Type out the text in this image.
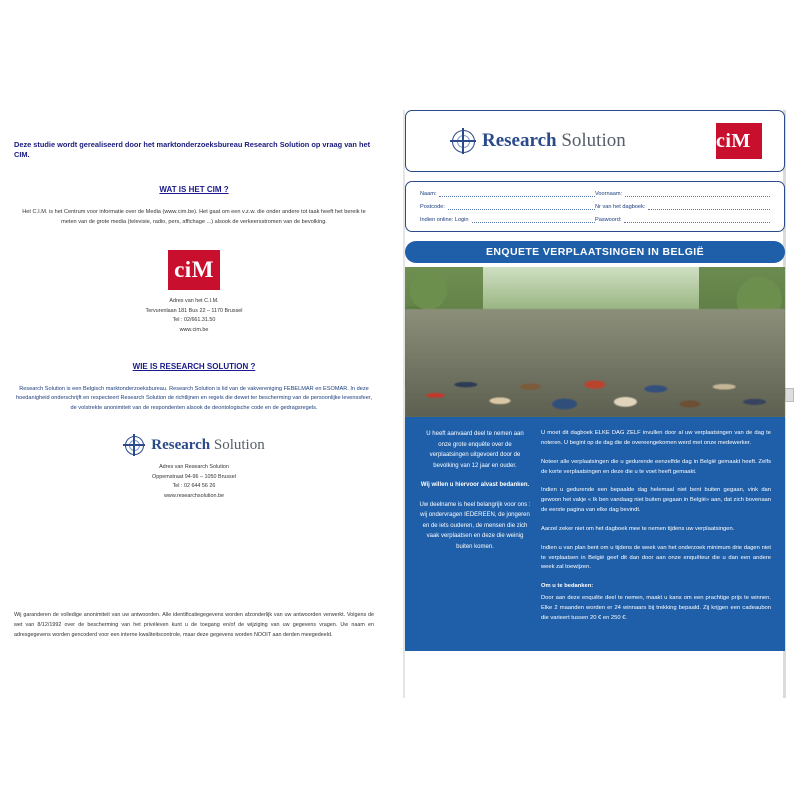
Deze studie wordt gerealiseerd door het marktonderzoeksbureau Research Solution op vraag van het CIM.
WAT IS HET CIM ?
Het C.I.M. is het Centrum voor informatie over de Media (www.cim.be). Het gaat om een v.z.w. die onder andere tot taak heeft het bereik te meten van de grote media (televisie, radio, pers, affichage ...) alsook de verkeersstromen van de bevolking.
ciM
Adres van het C.I.M.
Tervurenlaan 181 Bus 22 – 1170 Brussel
Tel : 02/661.31.50
www.cim.be
WIE IS RESEARCH SOLUTION ?
Research Solution is een Belgisch marktonderzoeksbureau. Research Solution is lid van de vakvereniging FEBELMAR en ESOMAR. In deze hoedanigheid onderschrijft en respecteert Research Solution de richtlijnen en regels die dewet ter bescherming van de persoonlijke levenssfeer, de volstrekte anonimiteit van de respondenten alsook de deontologische code en de gedragsregels.
Research Solution
Adres van Research Solution
Oppemstraat 94-96 – 1050 Brussel
Tel : 02 644 56 26
www.researchsolution.be
Wij garanderen de volledige anonimiteit van uw antwoorden. Alle identificatiegegevens worden afzonderlijk van uw antwoorden verwerkt. Volgens de wet van 8/12/1992 over de bescherming van het privéleven kunt u de toegang en/of de wijziging van uw gegevens vragen. Uw naam en adresgegevens worden gencoderd voor een interne kwaliteitscontrole, maar deze gegevens worden NOOIT aan derden meegedeeld.
Research Solution	ciM
Naam:	Voornaam:
Postcode:	Nr van het dagboek:
Indien online: Login	Paswoord:
ENQUETE VERPLAATSINGEN IN BELGIË

U heeft aanvaard deel te nemen aan onze grote enquête over de verplaatsingen uitgevoerd door de bevolking van 12 jaar en ouder.

Wij willen u hiervoor alvast bedanken.

Uw deelname is heel belangrijk voor ons : wij ondervragen IEDEREEN, de jongeren en de iets ouderen, de mensen die zich vaak verplaatsen en deze die weinig buiten komen.

U moet dit dagboek ELKE DAG ZELF invullen door al uw verplaatsingen van de dag te noteren. U begint op de dag die de overeengekomen werd met onze medewerker.

Noteer alle verplaatsingen die u gedurende eenzelfde dag in België gemaakt heeft. Zelfs de korte verplaatsingen en deze die u te voet heeft gemaakt.

Indien u gedurende een bepaalde dag helemaal niet bent buiten gegaan, vink dan gewoon het vakje « Ik ben vandaag niet buiten gegaan in België» aan, dat zich bovenaan de eerste pagina van elke dag bevindt.

Aarzel zeker niet om het dagboek mee te nemen tijdens uw verplaatsingen.

Indien u van plan bent om u tijdens de week van het onderzoek minimum drie dagen niet te verplaatsen in België geef dit dan door aan onze enquêteur die u dan een andere week zal toewijzen.

Om u te bedanken:

Door aan deze enquête deel te nemen, maakt u kans om een prachtige prijs te winnen. Elke 2 maanden worden er 24 winnaars bij trekking bepaald. Zij krijgen een cadeaubon die varieert tussen 20 € en 250 €.
